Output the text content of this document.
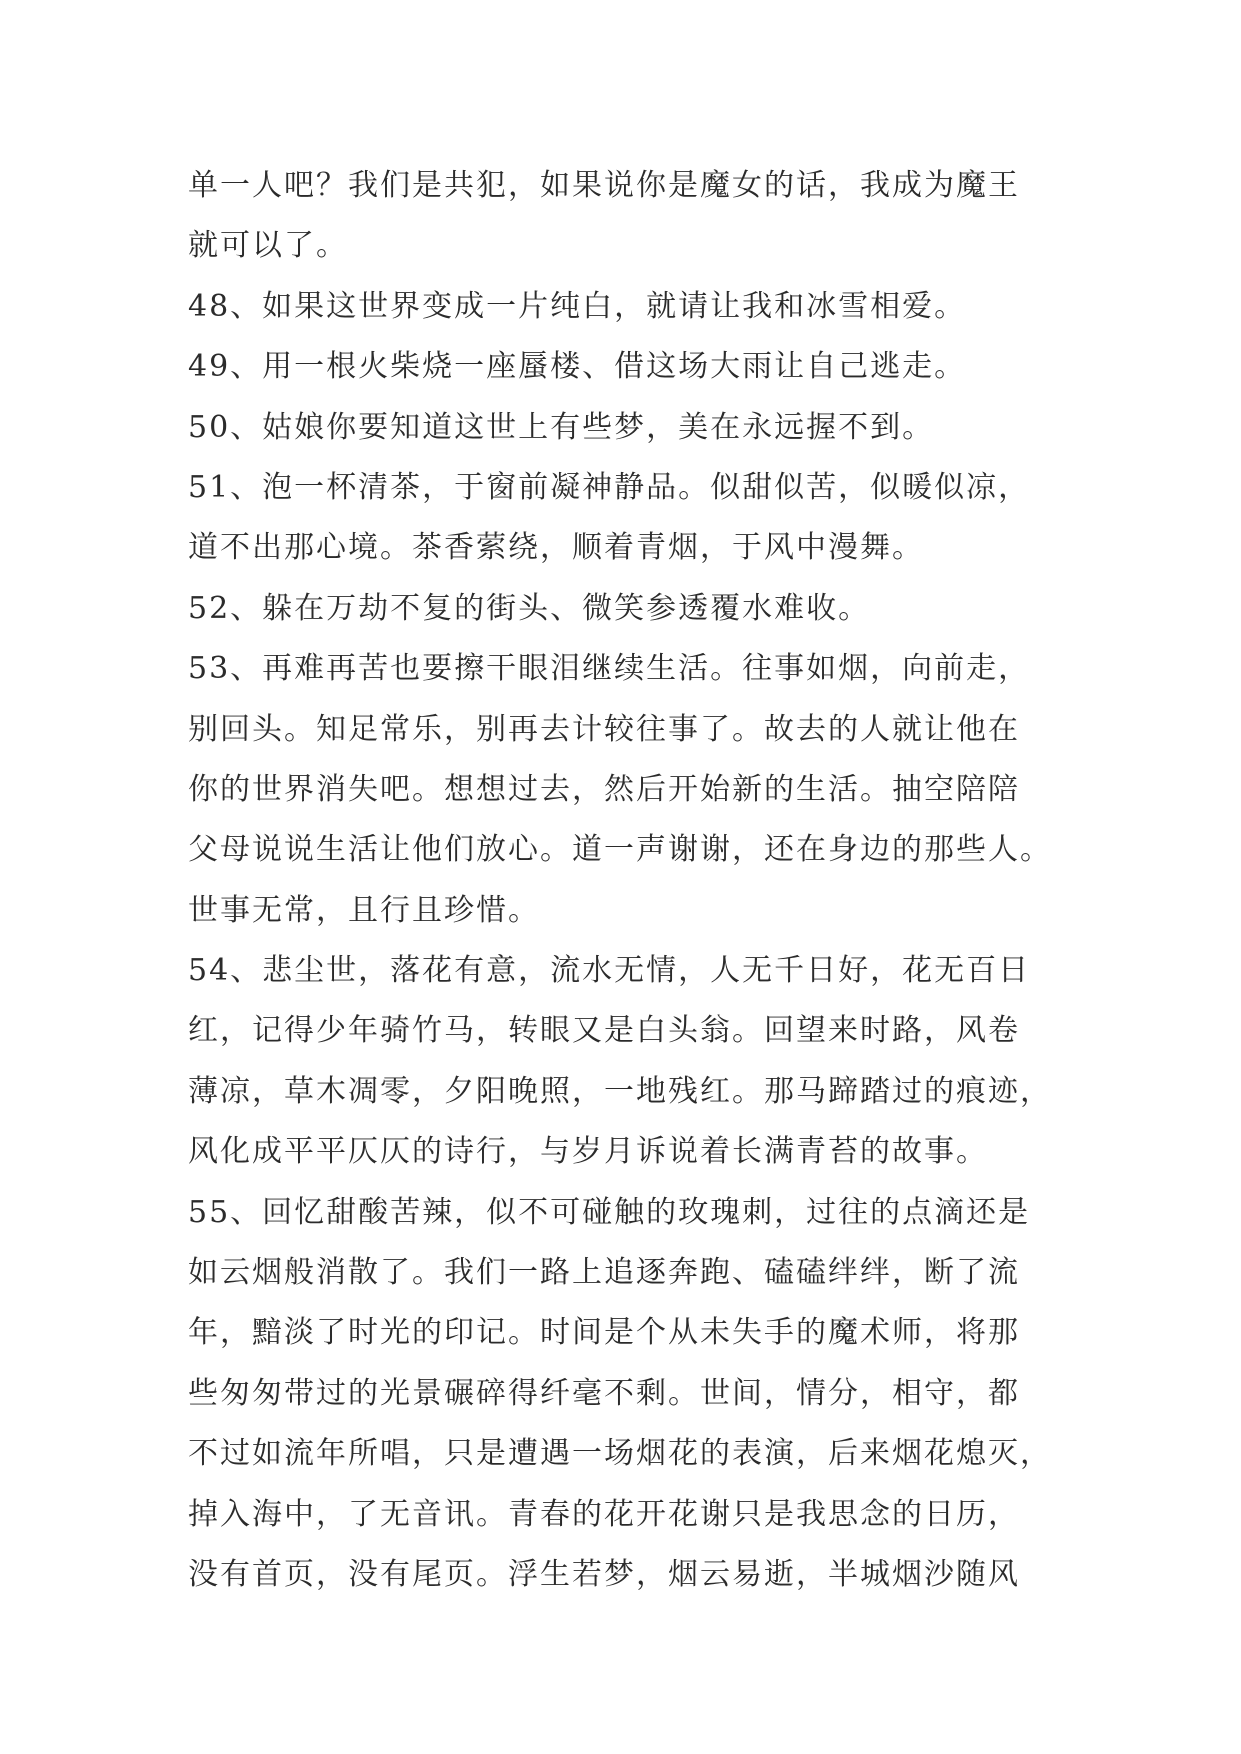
单一人吧？我们是共犯，如果说你是魔女的话，我成为魔王
就可以了。
48、如果这世界变成一片纯白，就请让我和冰雪相爱。
49、用一根火柴烧一座蜃楼、借这场大雨让自己逃走。
50、姑娘你要知道这世上有些梦，美在永远握不到。
51、泡一杯清茶，于窗前凝神静品。似甜似苦，似暖似凉，
道不出那心境。茶香萦绕，顺着青烟，于风中漫舞。
52、躲在万劫不复的街头、微笑参透覆水难收。
53、再难再苦也要擦干眼泪继续生活。往事如烟，向前走，
别回头。知足常乐，别再去计较往事了。故去的人就让他在
你的世界消失吧。想想过去，然后开始新的生活。抽空陪陪
父母说说生活让他们放心。道一声谢谢，还在身边的那些人。
世事无常，且行且珍惜。
54、悲尘世，落花有意，流水无情，人无千日好，花无百日
红，记得少年骑竹马，转眼又是白头翁。回望来时路，风卷
薄凉，草木凋零，夕阳晚照，一地残红。那马蹄踏过的痕迹，
风化成平平仄仄的诗行，与岁月诉说着长满青苔的故事。
55、回忆甜酸苦辣，似不可碰触的玫瑰刺，过往的点滴还是
如云烟般消散了。我们一路上追逐奔跑、磕磕绊绊，断了流
年，黯淡了时光的印记。时间是个从未失手的魔术师，将那
些匆匆带过的光景碾碎得纤毫不剩。世间，情分，相守，都
不过如流年所唱，只是遭遇一场烟花的表演，后来烟花熄灭，
掉入海中，了无音讯。青春的花开花谢只是我思念的日历，
没有首页，没有尾页。浮生若梦，烟云易逝，半城烟沙随风
